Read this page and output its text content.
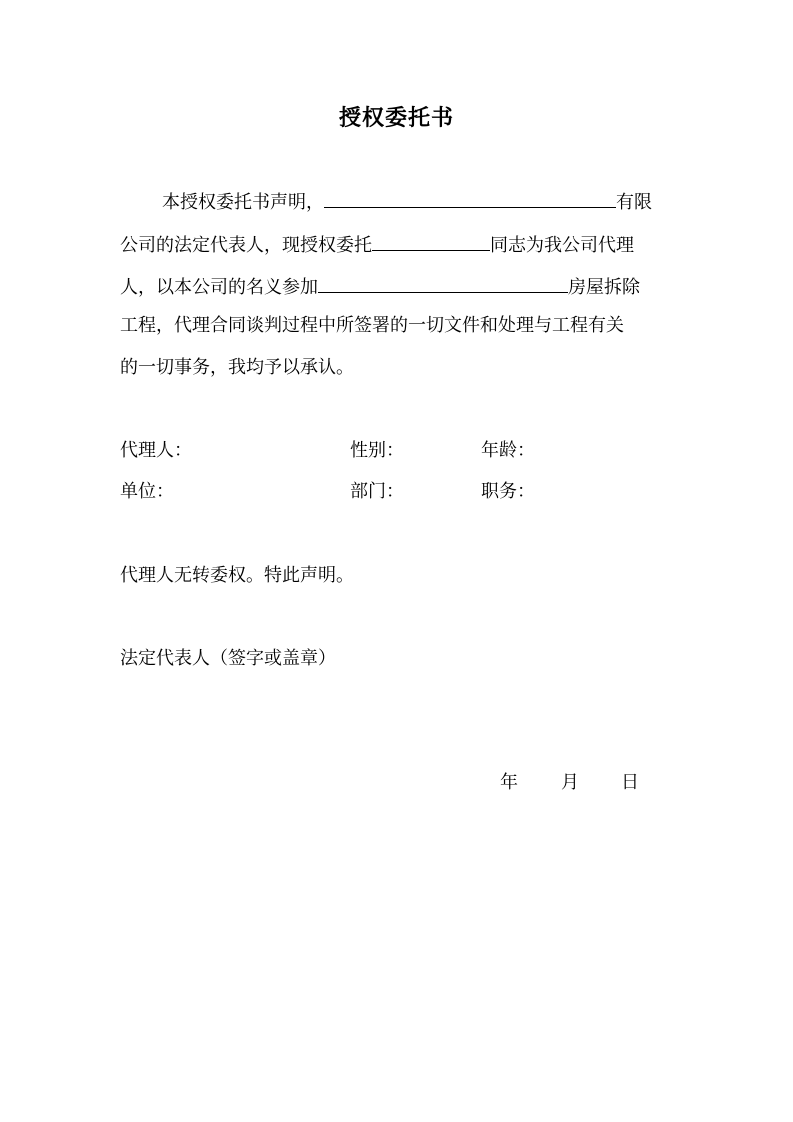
授权委托书
本授权委托书声明，	有限
公司的法定代表人，现授权委托	同志为我公司代理
人，以本公司的名义参加	房屋拆除
工程，代理合同谈判过程中所签署的一切文件和处理与工程有关
的一切事务，我均予以承认。
代理人：	性别：	年龄：
单位：	部门：	职务：
代理人无转委权。特此声明。
法定代表人（签字或盖章）
年 月 日
